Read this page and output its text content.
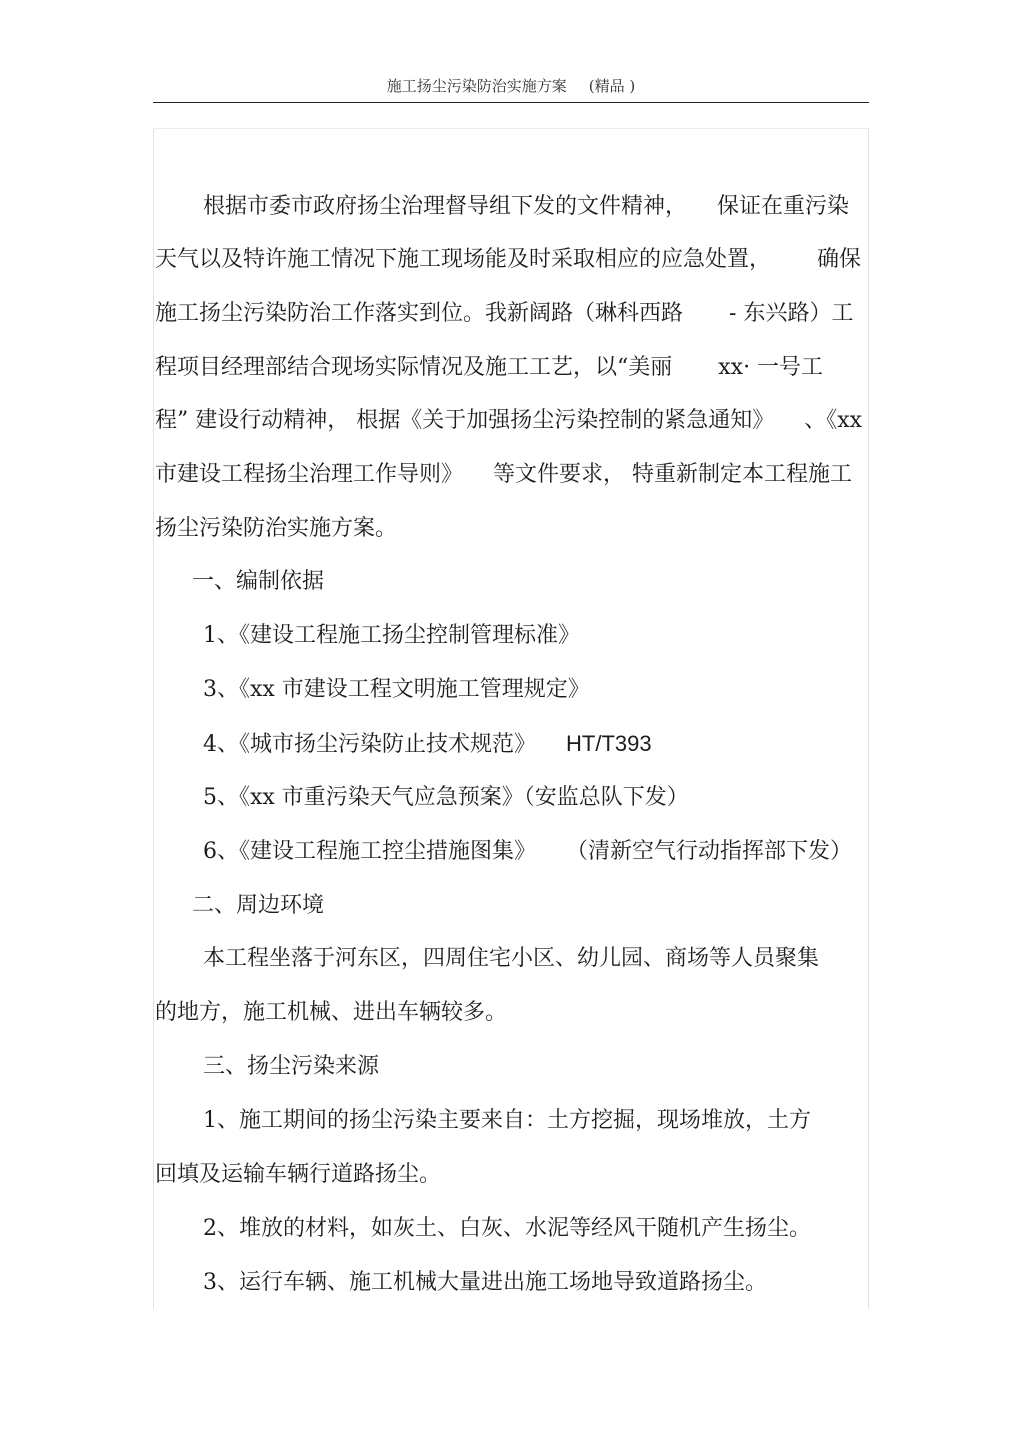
施工扬尘污染防治实施方案 (精品 )
根据市委市政府扬尘治理督导组下发的文件精神， 保证在重污染
天气以及特许施工情况下施工现场能及时采取相应的应急处置， 确保
施工扬尘污染防治工作落实到位。我新阔路（琳科西路 - 东兴路）工
程项目经理部结合现场实际情况及施工工艺，以“美丽 xx· 一号工
程” 建设行动精神， 根据《关于加强扬尘污染控制的紧急通知》 、《xx
市建设工程扬尘治理工作导则》 等文件要求， 特重新制定本工程施工
扬尘污染防治实施方案。
一、编制依据
1、《建设工程施工扬尘控制管理标准》
3、《xx 市建设工程文明施工管理规定》
4、《城市扬尘污染防止技术规范》 HT/T393
5、《xx 市重污染天气应急预案》（安监总队下发）
6、《建设工程施工控尘措施图集》 （清新空气行动指挥部下发）
二、周边环境
本工程坐落于河东区，四周住宅小区、幼儿园、商场等人员聚集
的地方，施工机械、进出车辆较多。
三、扬尘污染来源
1、施工期间的扬尘污染主要来自：土方挖掘，现场堆放，土方
回填及运输车辆行道路扬尘。
2、堆放的材料，如灰土、白灰、水泥等经风干随机产生扬尘。
3、运行车辆、施工机械大量进出施工场地导致道路扬尘。
